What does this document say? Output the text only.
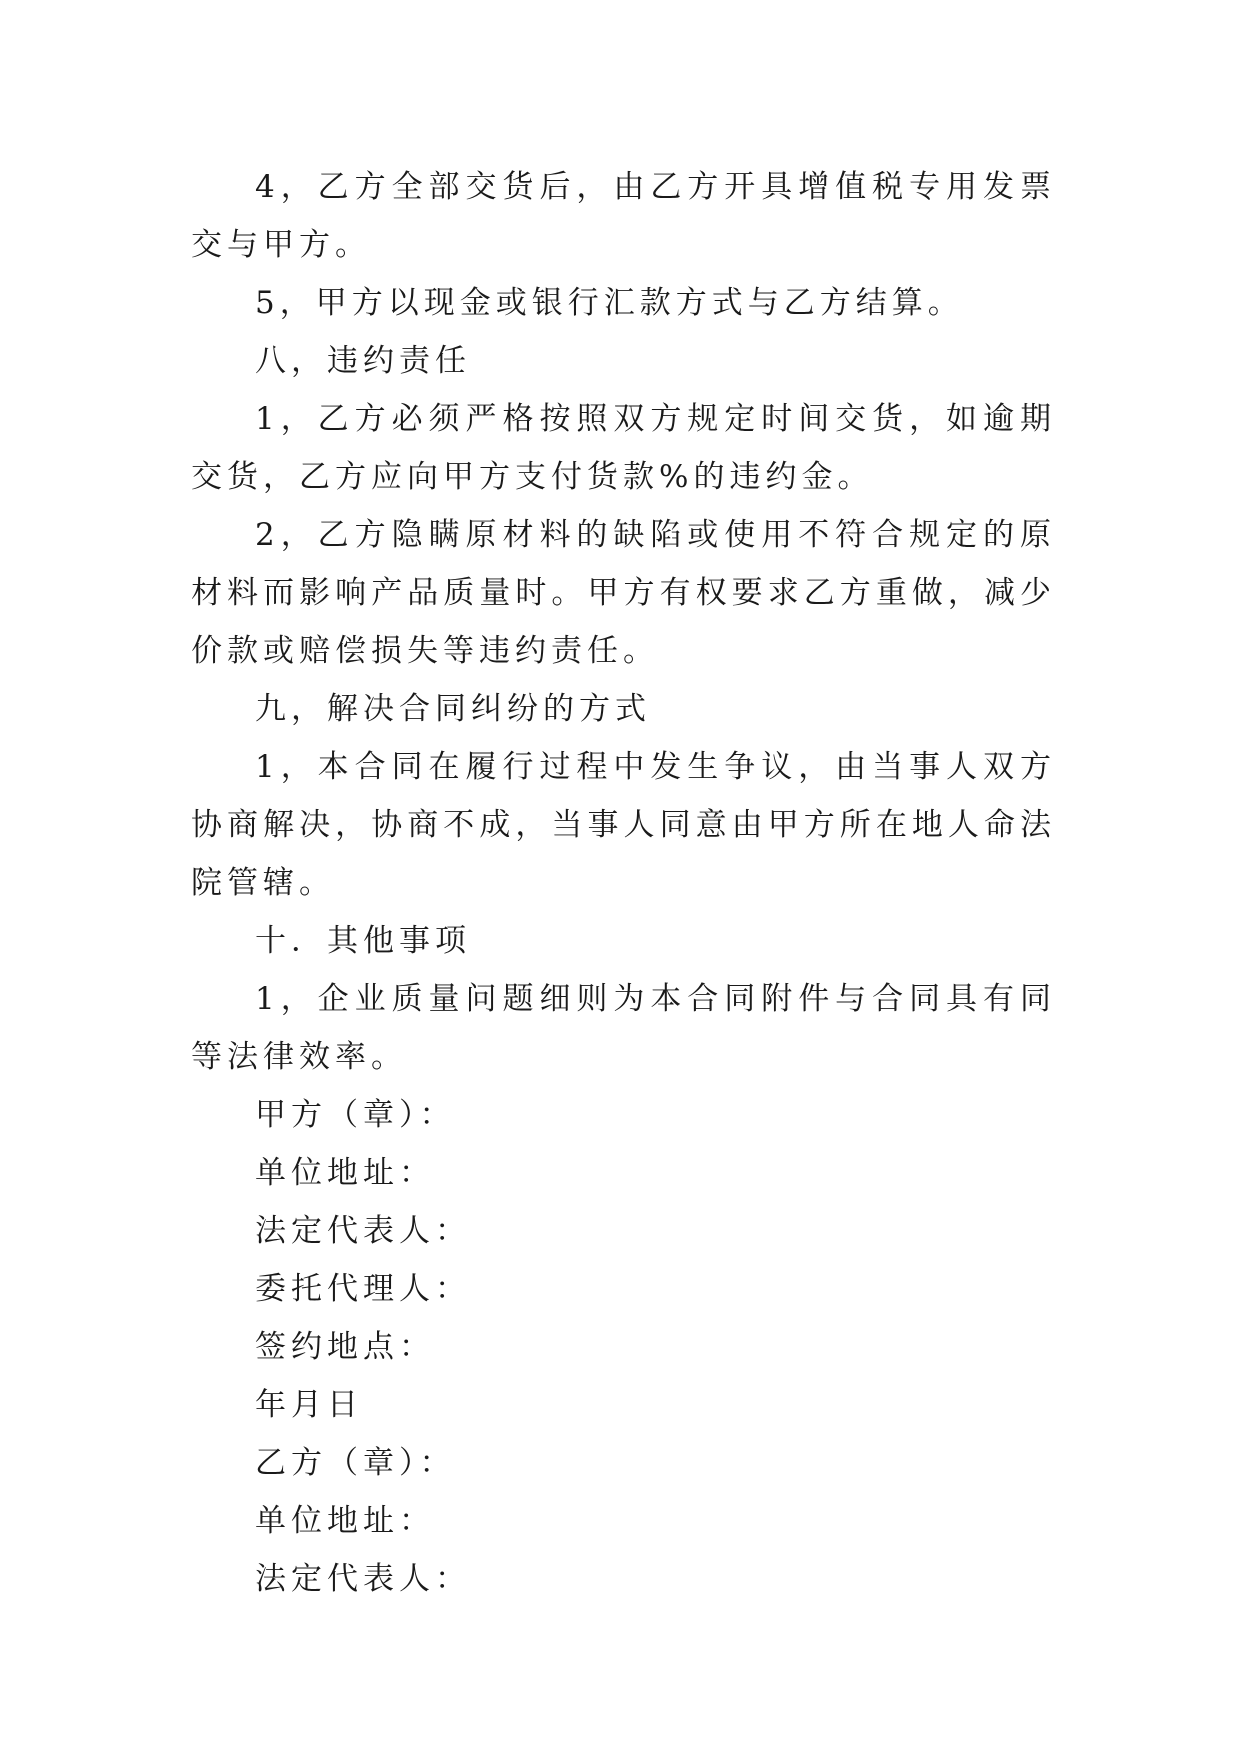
4，乙方全部交货后，由乙方开具增值税专用发票交与甲方。

5，甲方以现金或银行汇款方式与乙方结算。

八，违约责任

1，乙方必须严格按照双方规定时间交货，如逾期交货，乙方应向甲方支付货款%的违约金。

2，乙方隐瞒原材料的缺陷或使用不符合规定的原材料而影响产品质量时。甲方有权要求乙方重做，减少价款或赔偿损失等违约责任。

九，解决合同纠纷的方式

1，本合同在履行过程中发生争议，由当事人双方协商解决，协商不成，当事人同意由甲方所在地人命法院管辖。

十．其他事项

1，企业质量问题细则为本合同附件与合同具有同等法律效率。

甲方（章）：

单位地址：

法定代表人：

委托代理人：

签约地点：

年月日

乙方（章）：

单位地址：

法定代表人：
